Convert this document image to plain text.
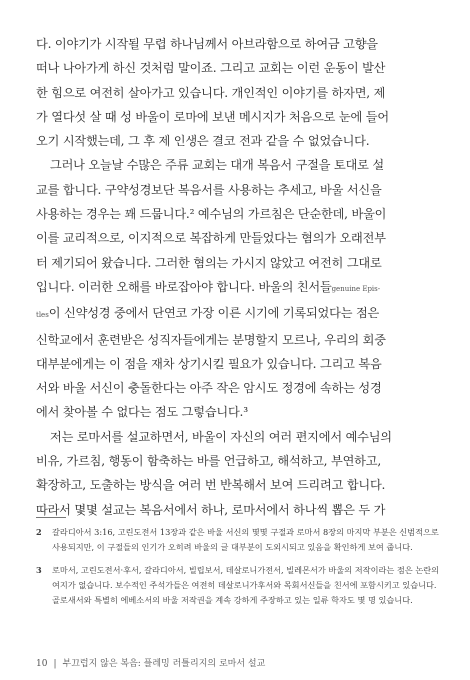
다. 이야기가 시작될 무렵 하나님께서 아브라함으로 하여금 고향을
떠나 나아가게 하신 것처럼 말이죠. 그리고 교회는 이런 운동이 발산
한 힘으로 여전히 살아가고 있습니다. 개인적인 이야기를 하자면, 제
가 열다섯 살 때 성 바울이 로마에 보낸 메시지가 처음으로 눈에 들어
오기 시작했는데, 그 후 제 인생은 결코 전과 같을 수 없었습니다.
그러나 오늘날 수많은 주류 교회는 대개 복음서 구절을 토대로 설
교를 합니다. 구약성경보단 복음서를 사용하는 추세고, 바울 서신을
사용하는 경우는 꽤 드뭅니다.² 예수님의 가르침은 단순한데, 바울이
이를 교리적으로, 이지적으로 복잡하게 만들었다는 혐의가 오래전부
터 제기되어 왔습니다. 그러한 혐의는 가시지 않았고 여전히 그대로
입니다. 이러한 오해를 바로잡아야 합니다. 바울의 친서들genuine Epis-
tles이 신약성경 중에서 단연코 가장 이른 시기에 기록되었다는 점은
신학교에서 훈련받은 성직자들에게는 분명할지 모르나, 우리의 회중
대부분에게는 이 점을 재차 상기시킬 필요가 있습니다. 그리고 복음
서와 바울 서신이 충돌한다는 아주 작은 암시도 정경에 속하는 성경
에서 찾아볼 수 없다는 점도 그렇습니다.³
저는 로마서를 설교하면서, 바울이 자신의 여러 편지에서 예수님의
비유, 가르침, 행동이 함축하는 바를 언급하고, 해석하고, 부연하고,
확장하고, 도출하는 방식을 여러 번 반복해서 보여 드리려고 합니다.
따라서 몇몇 설교는 복음서에서 하나, 로마서에서 하나씩 뽑은 두 가
2	갈라디아서 3:16, 고린도전서 13장과 같은 바울 서신의 몇몇 구절과 로마서 8장의 마지막 부분은 신범적으로 사용되지만, 이 구절들의 인기가 오히려 바울의 글 대부분이 도외시되고 있음을 확인하게 보여 줍니다.
3	로마서, 고린도전서·후서, 갈라디아서, 빌립보서, 데살로니가전서, 빌레몬서가 바울의 저작이라는 점은 논란의 여지가 없습니다. 보수적인 주석가들은 여전히 데살로니가후서와 목회서신들을 친서에 포함시키고 있습니다. 골로새서와 특별히 에베소서의 바울 저작권을 계속 강하게 주장하고 있는 일류 학자도 몇 명 있습니다.
10 | 부끄럽지 않은 복음: 플레밍 러틀리지의 로마서 설교
